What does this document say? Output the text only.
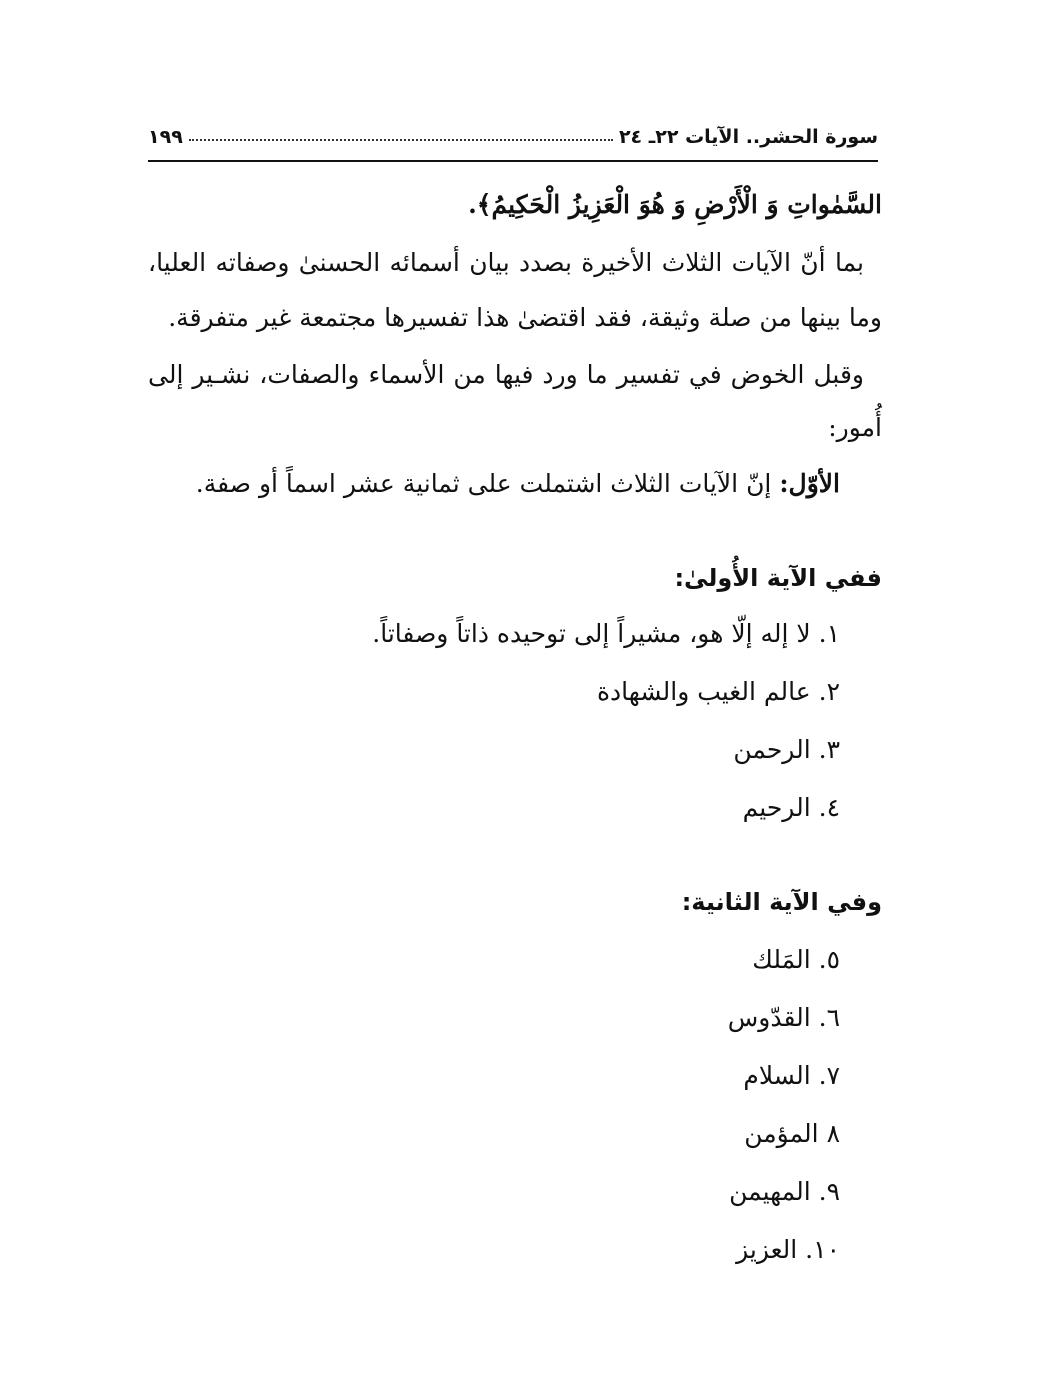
سورة الحشر.. الآيات ٢٢ـ ٢٤
١٩٩
السَّمٰواتِ وَ الْأَرْضِ وَ هُوَ الْعَزِيزُ الْحَكِيمُ﴾.
بما أنّ الآيات الثلاث الأخيرة بصدد بيان أسمائه الحسنىٰ وصفاته العليا،
وما بينها من صلة وثيقة، فقد اقتضىٰ هذا تفسيرها مجتمعة غير متفرقة.
وقبل الخوض في تفسير ما ورد فيها من الأسماء والصفات، نشـير إلى
أُمور:
الأوّل: إنّ الآيات الثلاث اشتملت على ثمانية عشر اسماً أو صفة.
ففي الآية الأُولىٰ:
١. لا إله إلّا هو، مشيراً إلى توحيده ذاتاً وصفاتاً.
٢. عالم الغيب والشهادة
٣. الرحمن
٤. الرحيم
وفي الآية الثانية:
٥. المَلك
٦. القدّوس
٧. السلام
٨ المؤمن
٩. المهيمن
١٠. العزيز
